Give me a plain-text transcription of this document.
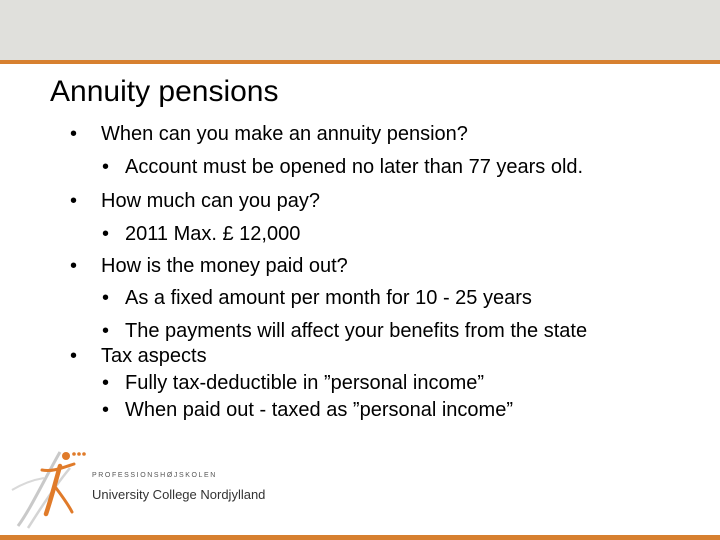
Annuity pensions
• When can you make an annuity pension?
• Account must be opened no later than 77 years old.
• How much can you pay?
• 2011 Max. £ 12,000
• How is the money paid out?
• As a fixed amount per month for 10 - 25 years
• The payments will affect your benefits from the state
• Tax aspects
• Fully tax-deductible in ”personal income”
• When paid out - taxed as ”personal income”
PROFESSIONSHØJSKOLEN
University College Nordjylland
